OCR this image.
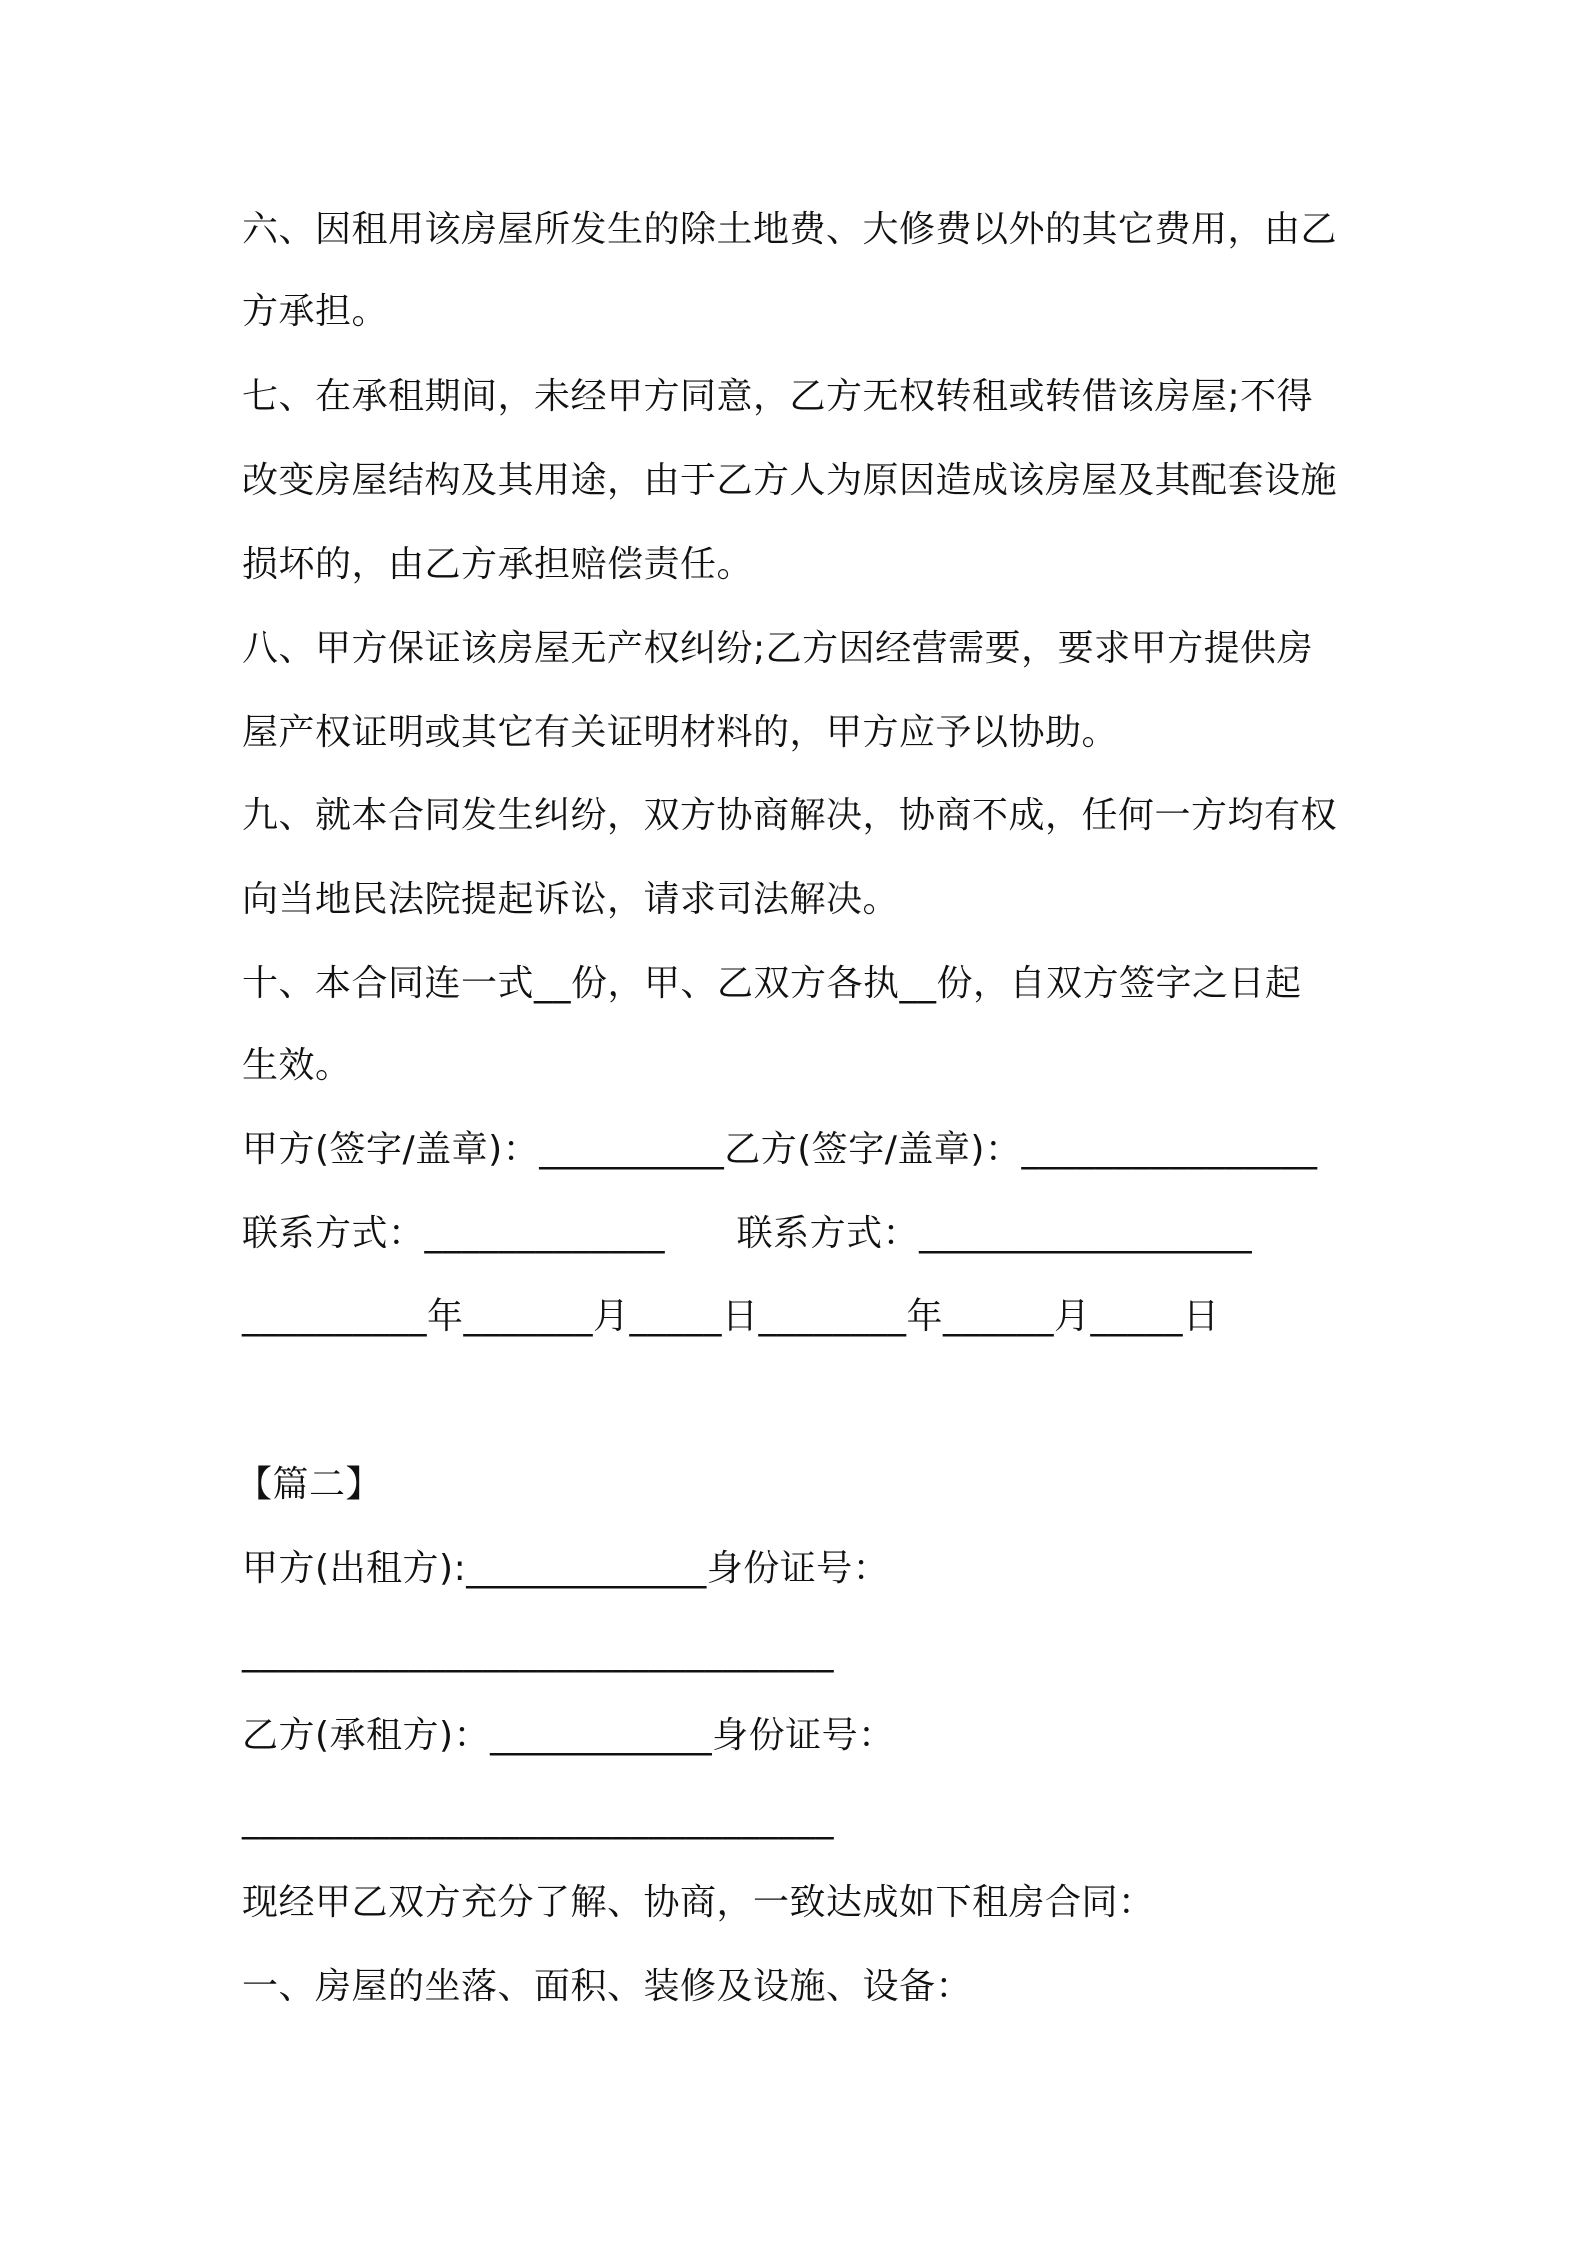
六、因租用该房屋所发生的除土地费、大修费以外的其它费用，由乙
方承担。
七、在承租期间，未经甲方同意，乙方无权转租或转借该房屋;不得
改变房屋结构及其用途，由于乙方人为原因造成该房屋及其配套设施
损坏的，由乙方承担赔偿责任。
八、甲方保证该房屋无产权纠纷;乙方因经营需要，要求甲方提供房
屋产权证明或其它有关证明材料的，甲方应予以协助。
九、就本合同发生纠纷，双方协商解决，协商不成，任何一方均有权
向当地民法院提起诉讼，请求司法解决。
十、本合同连一式__份，甲、乙双方各执__份，自双方签字之日起
生效。
甲方(签字/盖章)：__________乙方(签字/盖章)：________________
联系方式：_____________      联系方式：__________________
__________年_______月_____日________年______月_____日
【篇二】
甲方(出租方):_____________身份证号：
________________________________
乙方(承租方)：____________身份证号：
________________________________
现经甲乙双方充分了解、协商，一致达成如下租房合同：
一、房屋的坐落、面积、装修及设施、设备：
